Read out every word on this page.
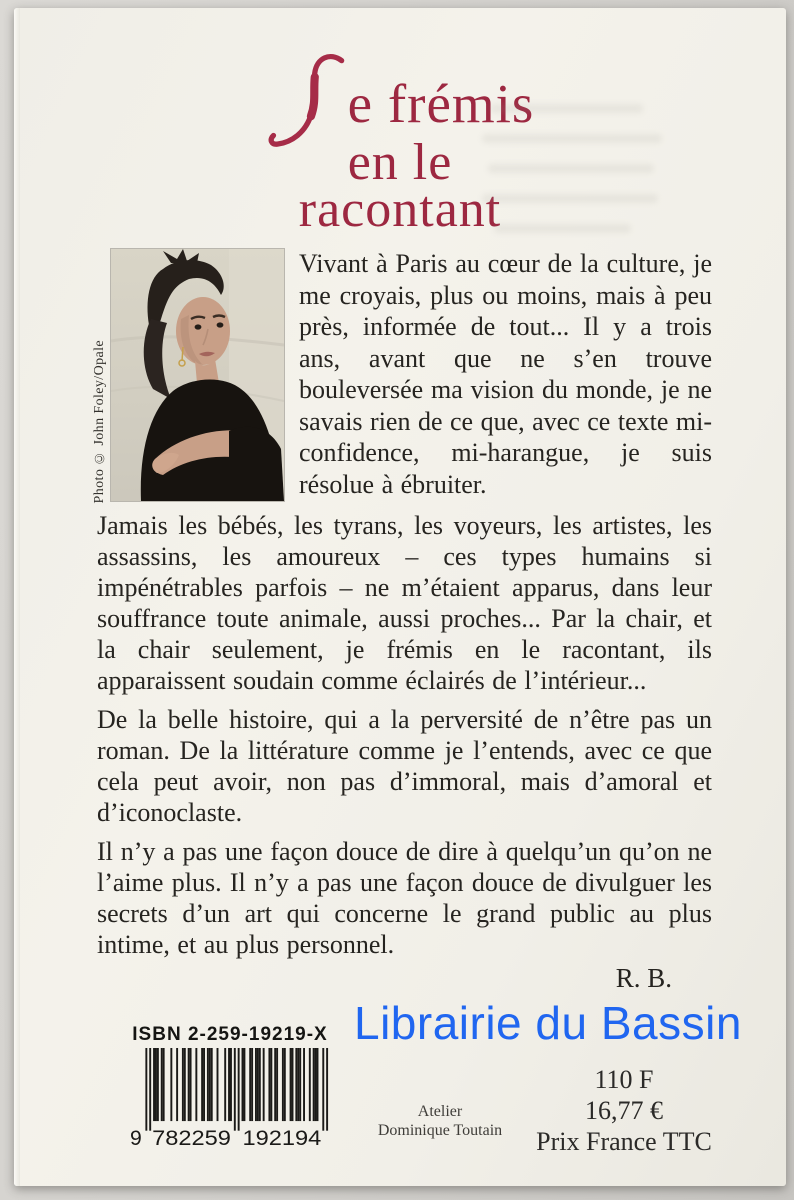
e frémis
en le
racontant
Photo © John Foley/Opale

Vivant à Paris au cœur de la culture, je me croyais, plus ou moins, mais à peu près, informée de tout... Il y a trois ans, avant que ne s’en trouve bouleversée ma vision du monde, je ne savais rien de ce que, avec ce texte mi-confidence, mi-harangue, je suis résolue à ébruiter.

Jamais les bébés, les tyrans, les voyeurs, les artistes, les assassins, les amoureux – ces types humains si impénétrables parfois – ne m’étaient apparus, dans leur souffrance toute animale, aussi proches... Par la chair, et la chair seulement, je frémis en le racontant, ils apparaissent soudain comme éclairés de l’intérieur...

De la belle histoire, qui a la perversité de n’être pas un roman. De la littérature comme je l’entends, avec ce que cela peut avoir, non pas d’immoral, mais d’amoral et d’iconoclaste.

Il n’y a pas une façon douce de dire à quelqu’un qu’on ne l’aime plus. Il n’y a pas une façon douce de divulguer les secrets d’un art qui concerne le grand public au plus intime, et au plus personnel.

R. B.
ISBN 2-259-19219-X
9 782259 192194
Librairie du Bassin
Atelier
Dominique Toutain
110 F
16,77 €
Prix France TTC
